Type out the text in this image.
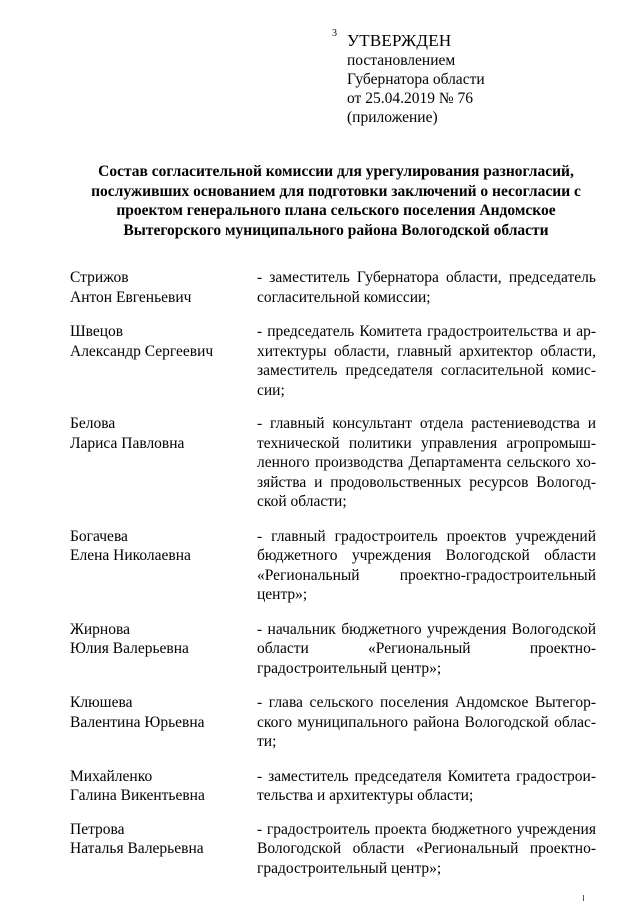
3 УТВЕРЖДЕН
постановлением
Губернатора области
от 25.04.2019 № 76
(приложение)
Состав согласительной комиссии для урегулирования разногласий,
послуживших основанием для подготовки заключений о несогласии с
проектом генерального плана сельского поселения Андомское
Вытегорского муниципального района Вологодской области
Стрижов
Антон Евгеньевич
- заместитель Губернатора области, председатель
согласительной комиссии;
Швецов
Александр Сергеевич
- председатель Комитета градостроительства и ар-
хитектуры области, главный архитектор области,
заместитель председателя согласительной комис-
сии;
Белова
Лариса Павловна
- главный консультант отдела растениеводства и
технической политики управления агропромыш-
ленного производства Департамента сельского хо-
зяйства и продовольственных ресурсов Вологод-
ской области;
Богачева
Елена Николаевна
- главный градостроитель проектов учреждений
бюджетного учреждения Вологодской области
«Региональный проектно-градостроительный
центр»;
Жирнова
Юлия Валерьевна
- начальник бюджетного учреждения Вологодской
области «Региональный проектно-
градостроительный центр»;
Клюшева
Валентина Юрьевна
- глава сельского поселения Андомское Вытегор-
ского муниципального района Вологодской облас-
ти;
Михайленко
Галина Викентьевна
- заместитель председателя Комитета градострои-
тельства и архитектуры области;
Петрова
Наталья Валерьевна
- градостроитель проекта бюджетного учреждения
Вологодской области «Региональный проектно-
градостроительный центр»;
